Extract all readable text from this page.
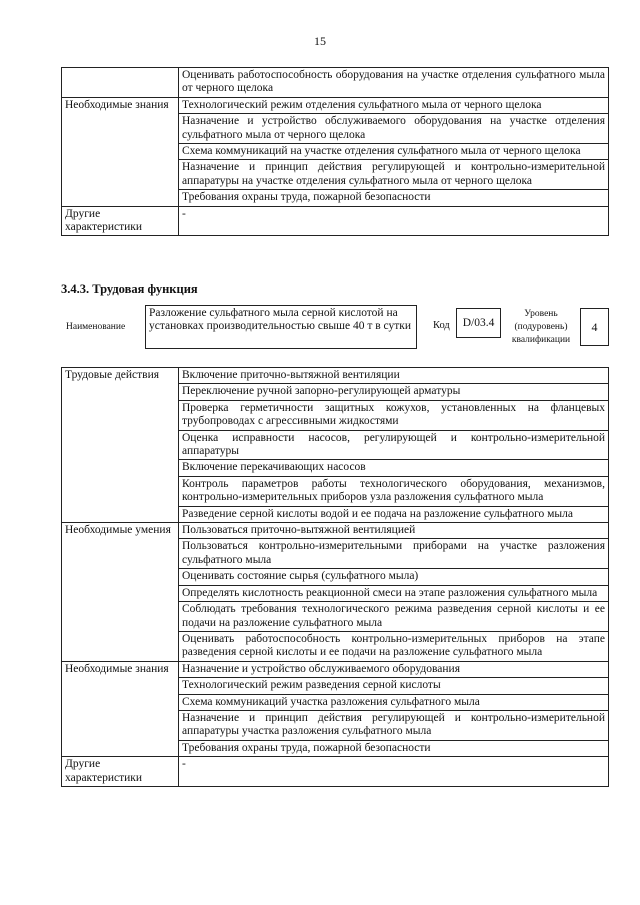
15
	Оценивать работоспособность оборудования на участке отделения сульфатного мыла от черного щелока
Необходимые знания	Технологический режим отделения сульфатного мыла от черного щелока
	Назначение и устройство обслуживаемого оборудования на участке отделения сульфатного мыла от черного щелока
	Схема коммуникаций на участке отделения сульфатного мыла от черного щелока
	Назначение и принцип действия регулирующей и контрольно-измерительной аппаратуры на участке отделения сульфатного мыла от черного щелока
	Требования охраны труда, пожарной безопасности
Другие характеристики	-
3.4.3. Трудовая функция
Наименование
Разложение сульфатного мыла серной кислотой на установках производительностью свыше 40 т в сутки	Код	D/03.4
Уровень (подуровень) квалификации
4
Трудовые действия	Включение приточно-вытяжной вентиляции
	Переключение ручной запорно-регулирующей арматуры
	Проверка герметичности защитных кожухов, установленных на фланцевых трубопроводах с агрессивными жидкостями
	Оценка исправности насосов, регулирующей и контрольно-измерительной аппаратуры
	Включение перекачивающих насосов
	Контроль параметров работы технологического оборудования, механизмов, контрольно-измерительных приборов узла разложения сульфатного мыла
	Разведение серной кислоты водой и ее подача на разложение сульфатного мыла
Необходимые умения	Пользоваться приточно-вытяжной вентиляцией
	Пользоваться контрольно-измерительными приборами на участке разложения сульфатного мыла
	Оценивать состояние сырья (сульфатного мыла)
	Определять кислотность реакционной смеси на этапе разложения сульфатного мыла
	Соблюдать требования технологического режима разведения серной кислоты и ее подачи на разложение сульфатного мыла
	Оценивать работоспособность контрольно-измерительных приборов на этапе разведения серной кислоты и ее подачи на разложение сульфатного мыла
Необходимые знания	Назначение и устройство обслуживаемого оборудования
	Технологический режим разведения серной кислоты
	Схема коммуникаций участка разложения сульфатного мыла
	Назначение и принцип действия регулирующей и контрольно-измерительной аппаратуры участка разложения сульфатного мыла
	Требования охраны труда, пожарной безопасности
Другие характеристики	-
